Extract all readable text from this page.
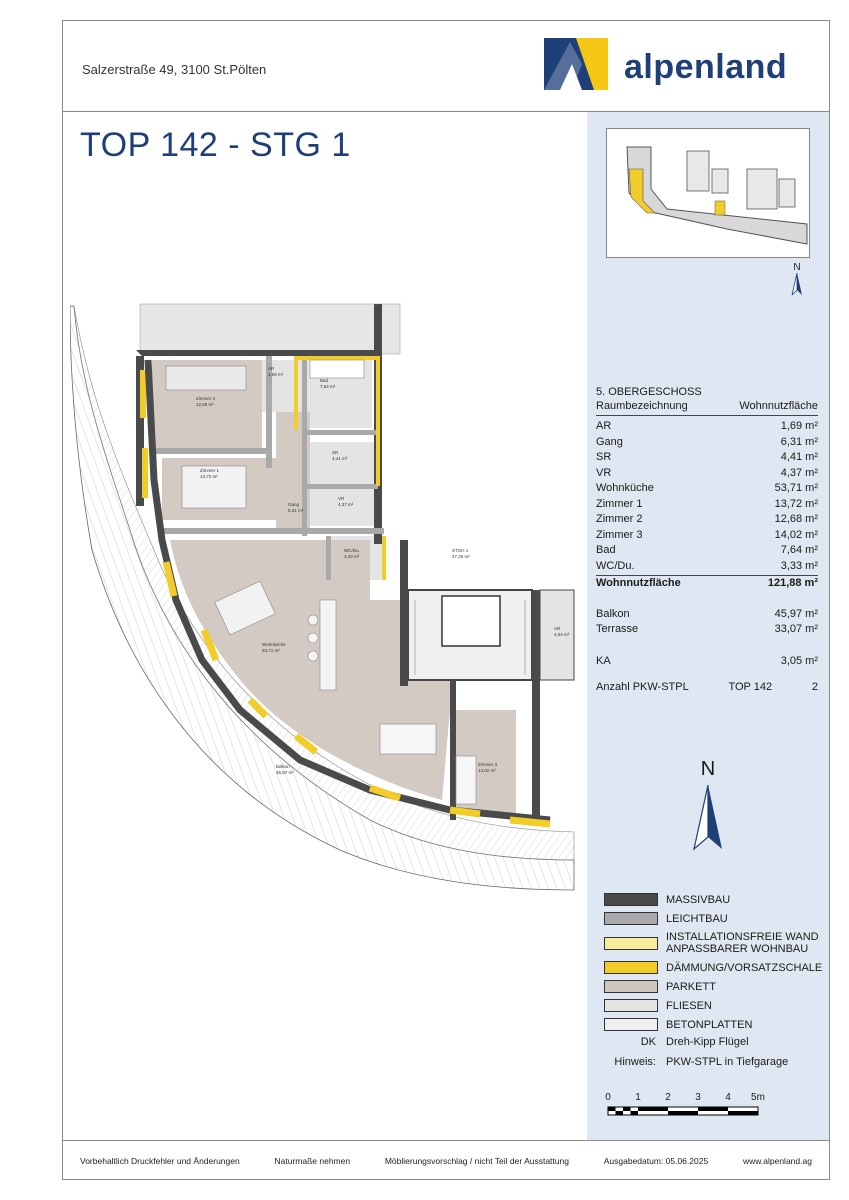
Salzerstraße 49, 3100 St.Pölten	alpenland
TOP 142 - STG 1
N
5. OBERGESCHOSS
Raumbezeichnung	Wohnnutzfläche
AR	1,69 m²
Gang	6,31 m²
SR	4,41 m²
VR	4,37 m²
Wohnküche	53,71 m²
Zimmer 1	13,72 m²
Zimmer 2	12,68 m²
Zimmer 3	14,02 m²
Bad	7,64 m²
WC/Du.	3,33 m²
Wohnnutzfläche	121,88 m²
Balkon	45,97 m²
Terrasse	33,07 m²
KA	3,05 m²
Anzahl PKW-STPL	TOP 142	2
N
MASSIVBAU
LEICHTBAU
INSTALLATIONSFREIE WAND
ANPASSBARER WOHNBAU
DÄMMUNG/VORSATZSCHALE
PARKETT
FLIESEN
BETONPLATTEN
DK Dreh-Kipp Flügel
Hinweis: PKW-STPL in Tiefgarage
0 1 2 3 4 5m
Zimmer 3
12,68 m²
Zimmer 1
13,72 m²
AR
1,69 m²
Bad
7,64 m²
SR
4,41 m²
VR
4,37 m²
Gang
6,31 m²
WC/Du.
3,33 m²
Wohnküche
53,71 m²
Balkon
45,97 m²
Zimmer 3
14,02 m²
STGH 1
27,25 m²
AR
4,04 m²
Vorbehaltlich Druckfehler und Änderungen	Naturmaße nehmen	Möblierungsvorschlag / nicht Teil der Ausstattung	Ausgabedatum: 05.06.2025	www.alpenland.ag
